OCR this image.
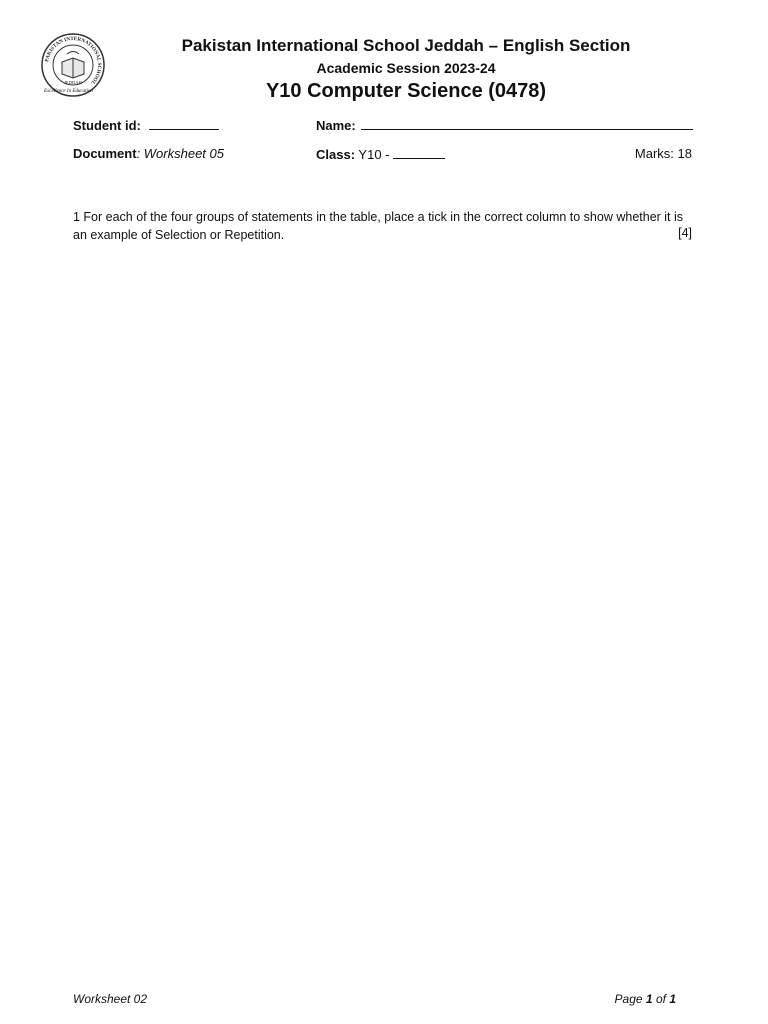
PAKISTAN INTERNATIONAL SCHOOL
JEDDAH
Excellence In Education
Pakistan International School Jeddah – English Section
Academic Session 2023-24
Y10 Computer Science (0478)
Student id:	Name:
Document: Worksheet 05	Class: Y10 -	Marks: 18
1 For each of the four groups of statements in the table, place a tick in the correct column to show whether it is an example of Selection or Repetition.	[4]
Worksheet 02	Page 1 of 1
